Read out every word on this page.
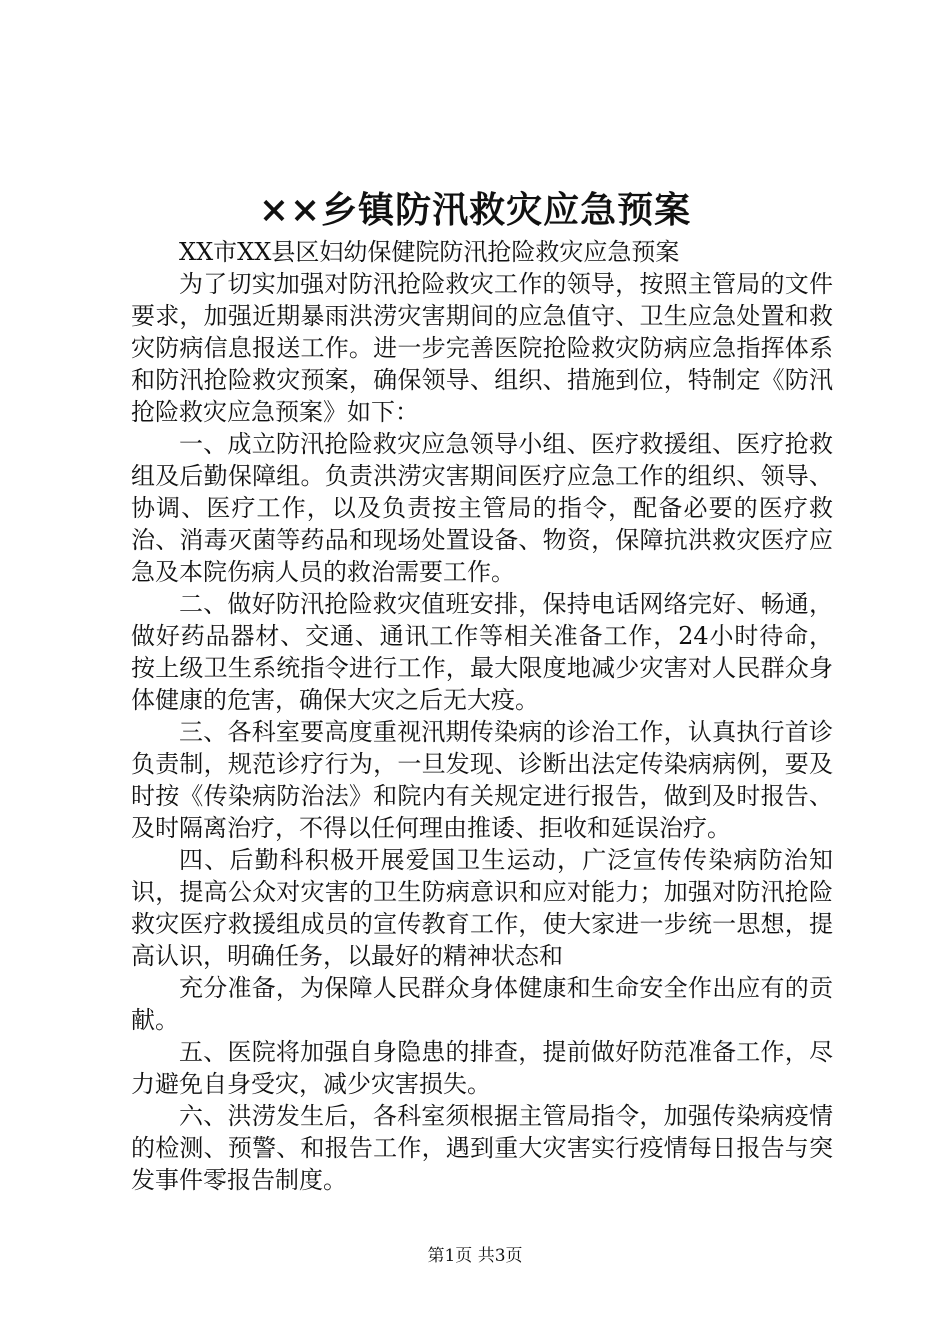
××乡镇防汛救灾应急预案

XX市XX县区妇幼保健院防汛抢险救灾应急预案

为了切实加强对防汛抢险救灾工作的领导，按照主管局的文件要求，加强近期暴雨洪涝灾害期间的应急值守、卫生应急处置和救灾防病信息报送工作。进一步完善医院抢险救灾防病应急指挥体系和防汛抢险救灾预案，确保领导、组织、措施到位，特制定《防汛抢险救灾应急预案》如下：

一、成立防汛抢险救灾应急领导小组、医疗救援组、医疗抢救组及后勤保障组。负责洪涝灾害期间医疗应急工作的组织、领导、协调、医疗工作，以及负责按主管局的指令，配备必要的医疗救治、消毒灭菌等药品和现场处置设备、物资，保障抗洪救灾医疗应急及本院伤病人员的救治需要工作。

二、做好防汛抢险救灾值班安排，保持电话网络完好、畅通，做好药品器材、交通、通讯工作等相关准备工作，24小时待命，按上级卫生系统指令进行工作，最大限度地减少灾害对人民群众身体健康的危害，确保大灾之后无大疫。

三、各科室要高度重视汛期传染病的诊治工作，认真执行首诊负责制，规范诊疗行为，一旦发现、诊断出法定传染病病例，要及时按《传染病防治法》和院内有关规定进行报告，做到及时报告、及时隔离治疗，不得以任何理由推诿、拒收和延误治疗。

四、后勤科积极开展爱国卫生运动，广泛宣传传染病防治知识，提高公众对灾害的卫生防病意识和应对能力；加强对防汛抢险救灾医疗救援组成员的宣传教育工作，使大家进一步统一思想，提高认识，明确任务，以最好的精神状态和

充分准备，为保障人民群众身体健康和生命安全作出应有的贡献。

五、医院将加强自身隐患的排查，提前做好防范准备工作，尽力避免自身受灾，减少灾害损失。

六、洪涝发生后，各科室须根据主管局指令，加强传染病疫情的检测、预警、和报告工作，遇到重大灾害实行疫情每日报告与突发事件零报告制度。

第1页 共3页
